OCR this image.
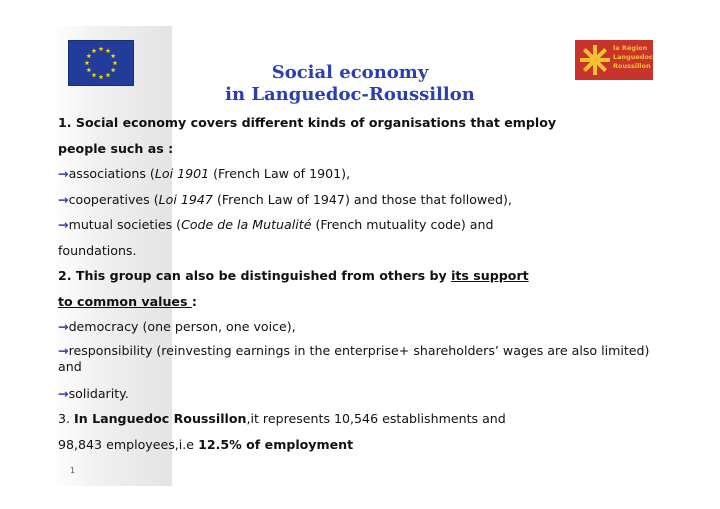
la Région
Languedoc
Roussillon
Social economy
in Languedoc-Roussillon
1. Social economy covers different kinds of organisations that employ
people such as :
→associations (Loi 1901 (French Law of 1901),
→cooperatives (Loi 1947 (French Law of 1947) and those that followed),
→mutual societies (Code de la Mutualité (French mutuality code) and
foundations.
2. This group can also be distinguished from others by its support
to common values :
→democracy (one person, one voice),
→responsibility (reinvesting earnings in the enterprise+ shareholders’ wages are also limited) and
→solidarity.
3. In Languedoc Roussillon,it represents 10,546 establishments and
98,843 employees,i.e 12.5% of employment
1
